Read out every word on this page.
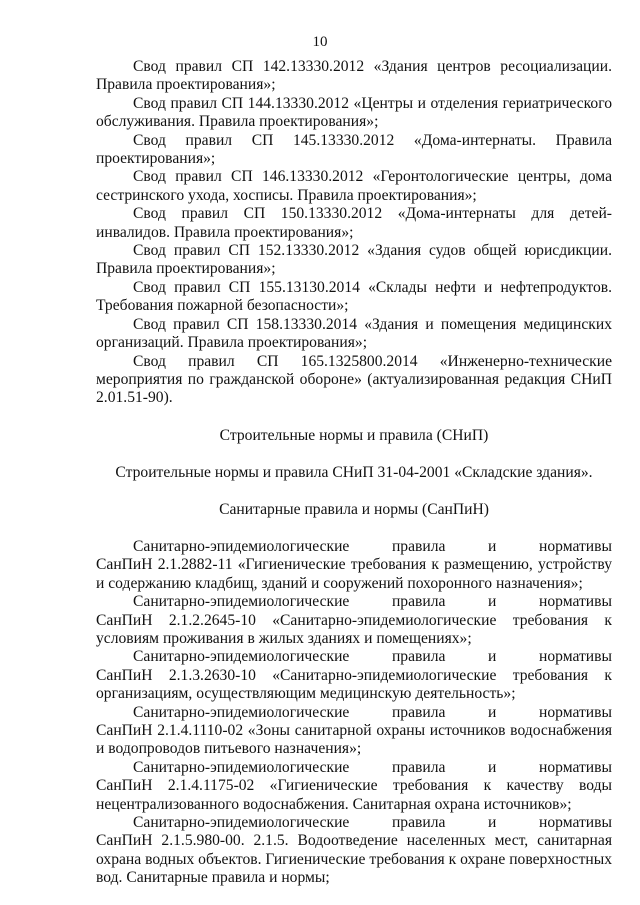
10

Свод правил СП 142.13330.2012 «Здания центров ресоциализации. Правила проектирования»;

Свод правил СП 144.13330.2012 «Центры и отделения гериатрического обслуживания. Правила проектирования»;

Свод правил СП 145.13330.2012 «Дома-интернаты. Правила проектирования»;

Свод правил СП 146.13330.2012 «Геронтологические центры, дома сестринского ухода, хосписы. Правила проектирования»;

Свод правил СП 150.13330.2012 «Дома-интернаты для детей-инвалидов. Правила проектирования»;

Свод правил СП 152.13330.2012 «Здания судов общей юрисдикции. Правила проектирования»;

Свод правил СП 155.13130.2014 «Склады нефти и нефтепродуктов. Требования пожарной безопасности»;

Свод правил СП 158.13330.2014 «Здания и помещения медицинских организаций. Правила проектирования»;

Свод правил СП 165.1325800.2014 «Инженерно-технические мероприятия по гражданской обороне» (актуализированная редакция СНиП 2.01.51-90).

Строительные нормы и правила (СНиП)

Строительные нормы и правила СНиП 31-04-2001 «Складские здания».

Санитарные правила и нормы (СанПиН)

Санитарно-эпидемиологические правила и нормативы
СанПиН 2.1.2882-11 «Гигиенические требования к размещению, устройству и содержанию кладбищ, зданий и сооружений похоронного назначения»;

Санитарно-эпидемиологические правила и нормативы
СанПиН 2.1.2.2645-10 «Санитарно-эпидемиологические требования к условиям проживания в жилых зданиях и помещениях»;

Санитарно-эпидемиологические правила и нормативы
СанПиН 2.1.3.2630-10 «Санитарно-эпидемиологические требования к организациям, осуществляющим медицинскую деятельность»;

Санитарно-эпидемиологические правила и нормативы
СанПиН 2.1.4.1110-02 «Зоны санитарной охраны источников водоснабжения и водопроводов питьевого назначения»;

Санитарно-эпидемиологические правила и нормативы
СанПиН 2.1.4.1175-02 «Гигиенические требования к качеству воды нецентрализованного водоснабжения. Санитарная охрана источников»;

Санитарно-эпидемиологические правила и нормативы
СанПиН 2.1.5.980-00. 2.1.5. Водоотведение населенных мест, санитарная охрана водных объектов. Гигиенические требования к охране поверхностных вод. Санитарные правила и нормы;
